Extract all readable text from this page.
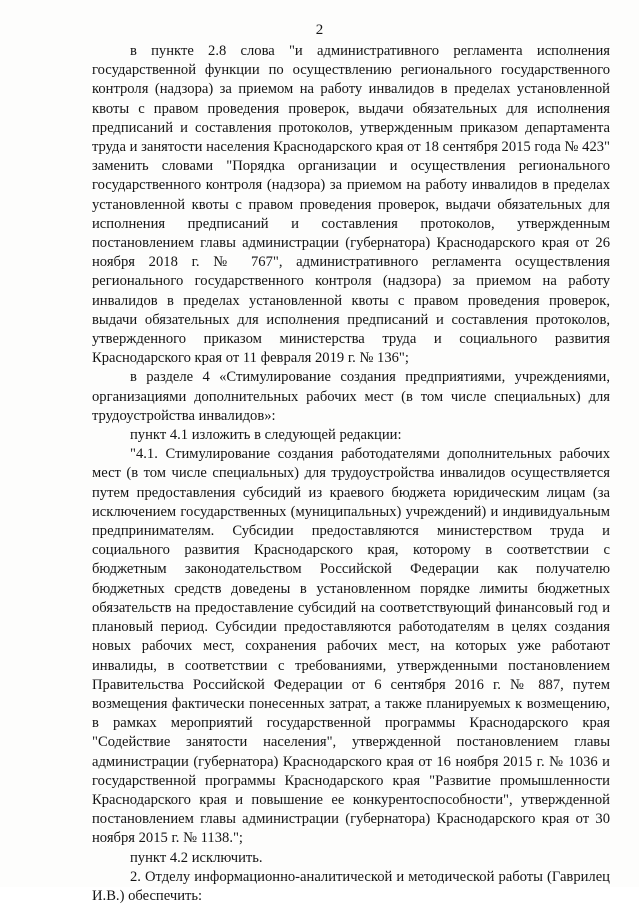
2

в пункте 2.8 слова "и административного регламента исполнения государственной функции по осуществлению регионального государственного контроля (надзора) за приемом на работу инвалидов в пределах установленной квоты с правом проведения проверок, выдачи обязательных для исполнения предписаний и составления протоколов, утвержденным приказом департамента труда и занятости населения Краснодарского края от 18 сентября 2015 года № 423" заменить словами "Порядка организации и осуществления регионального государственного контроля (надзора) за приемом на работу инвалидов в пределах установленной квоты с правом проведения проверок, выдачи обязательных для исполнения предписаний и составления протоколов, утвержденным постановлением главы администрации (губернатора) Краснодарского края от 26 ноября 2018 г. № 767", административного регламента осуществления регионального государственного контроля (надзора) за приемом на работу инвалидов в пределах установленной квоты с правом проведения проверок, выдачи обязательных для исполнения предписаний и составления протоколов, утвержденного приказом министерства труда и социального развития Краснодарского края от 11 февраля 2019 г. № 136";

в разделе 4 «Стимулирование создания предприятиями, учреждениями, организациями дополнительных рабочих мест (в том числе специальных) для трудоустройства инвалидов»:

пункт 4.1 изложить в следующей редакции:

"4.1. Стимулирование создания работодателями дополнительных рабочих мест (в том числе специальных) для трудоустройства инвалидов осуществляется путем предоставления субсидий из краевого бюджета юридическим лицам (за исключением государственных (муниципальных) учреждений) и индивидуальным предпринимателям. Субсидии предоставляются министерством труда и социального развития Краснодарского края, которому в соответствии с бюджетным законодательством Российской Федерации как получателю бюджетных средств доведены в установленном порядке лимиты бюджетных обязательств на предоставление субсидий на соответствующий финансовый год и плановый период. Субсидии предоставляются работодателям в целях создания новых рабочих мест, сохранения рабочих мест, на которых уже работают инвалиды, в соответствии с требованиями, утвержденными постановлением Правительства Российской Федерации от 6 сентября 2016 г. № 887, путем возмещения фактически понесенных затрат, а также планируемых к возмещению, в рамках мероприятий государственной программы Краснодарского края "Содействие занятости населения", утвержденной постановлением главы администрации (губернатора) Краснодарского края от 16 ноября 2015 г. № 1036 и государственной программы Краснодарского края "Развитие промышленности Краснодарского края и повышение ее конкурентоспособности", утвержденной постановлением главы администрации (губернатора) Краснодарского края от 30 ноября 2015 г. № 1138.";

пункт 4.2 исключить.

2. Отделу информационно-аналитической и методической работы (Гаврилец И.В.) обеспечить:
